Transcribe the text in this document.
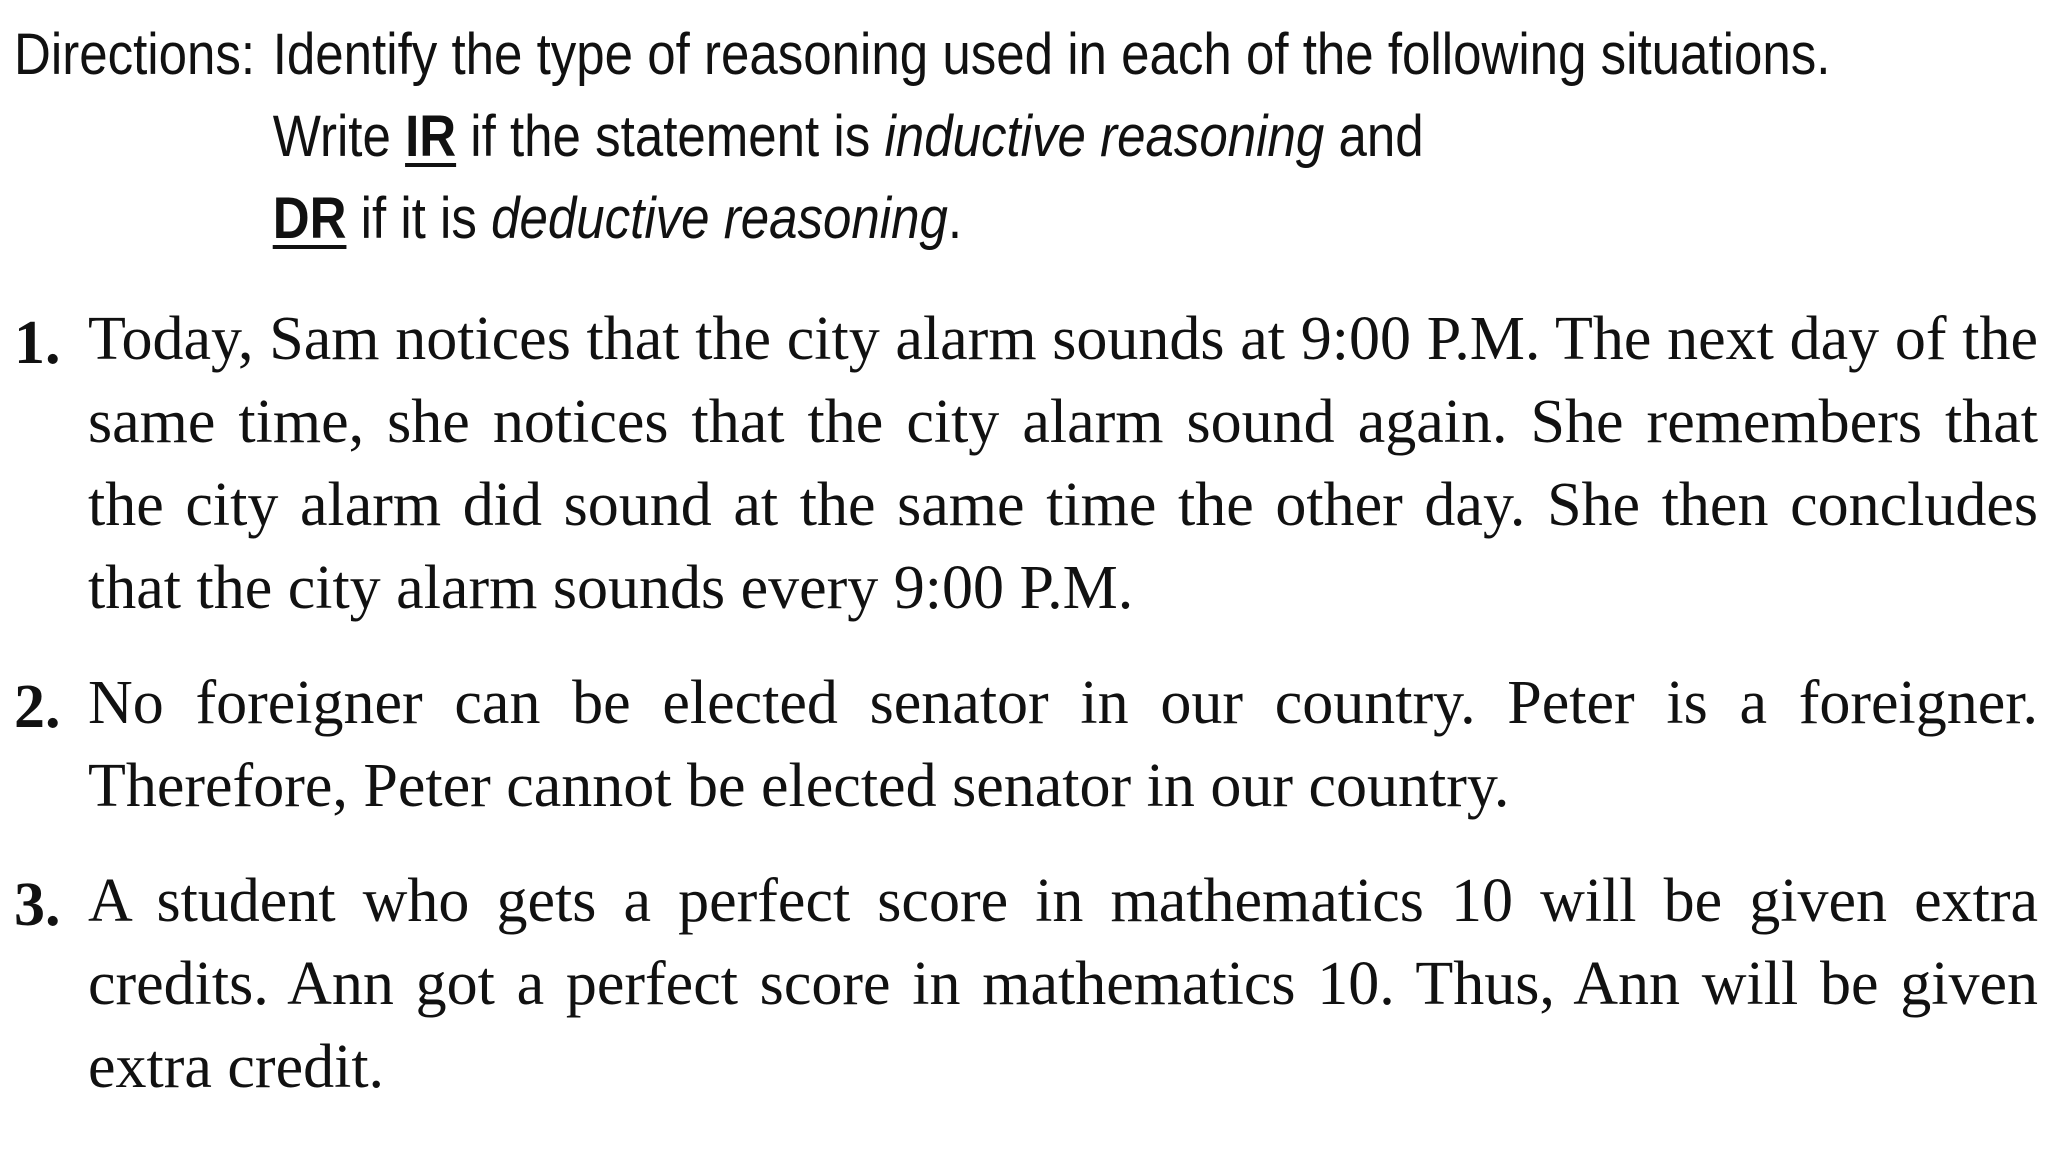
Directions: Identify the type of reasoning used in each of the following situations.
Write IR if the statement is inductive reasoning and
DR if it is deductive reasoning.
1. Today, Sam notices that the city alarm sounds at 9:00 P.M. The next day of the same time, she notices that the city alarm sound again. She remembers that the city alarm did sound at the same time the other day. She then concludes that the city alarm sounds every 9:00 P.M.
2. No foreigner can be elected senator in our country. Peter is a foreigner. Therefore, Peter cannot be elected senator in our country.
3. A student who gets a perfect score in mathematics 10 will be given extra credits. Ann got a perfect score in mathematics 10. Thus, Ann will be given extra credit.
